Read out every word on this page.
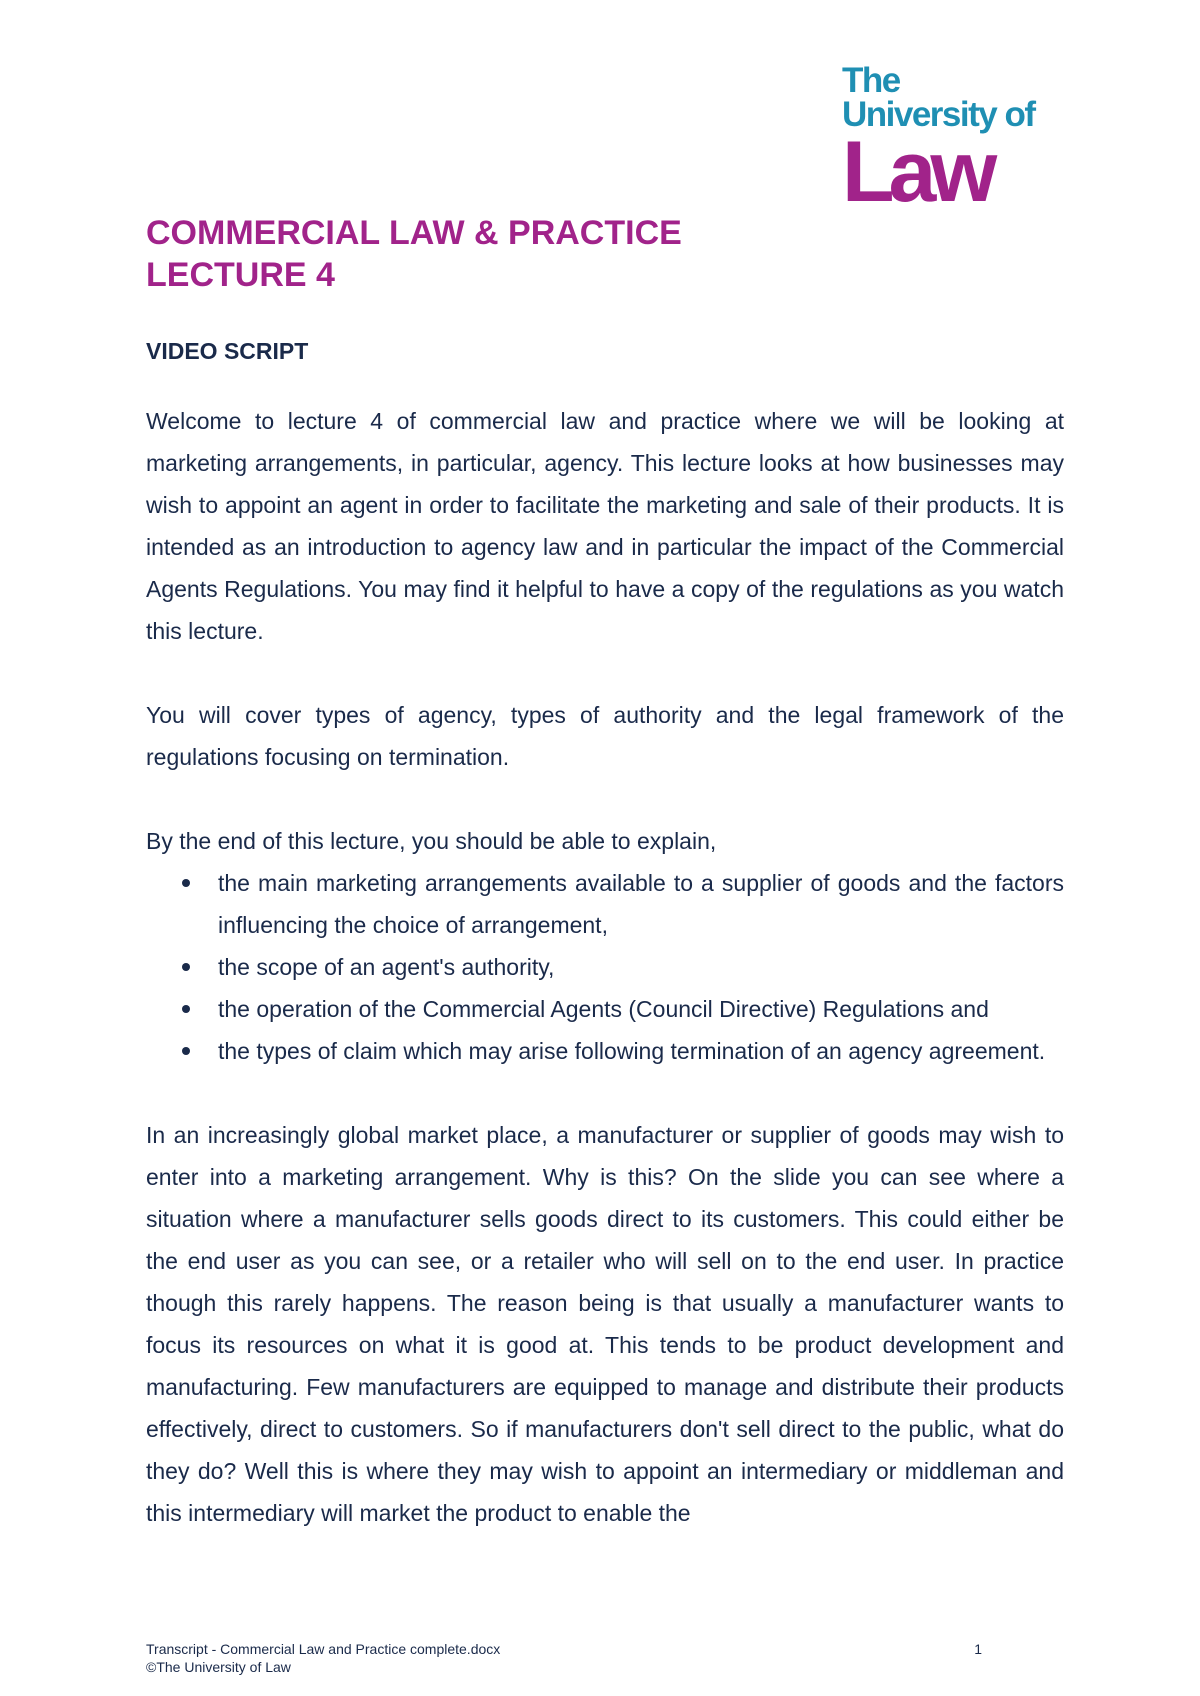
The
University of
Law
COMMERCIAL LAW & PRACTICE
LECTURE 4
VIDEO SCRIPT

Welcome to lecture 4 of commercial law and practice where we will be looking at marketing arrangements, in particular, agency. This lecture looks at how businesses may wish to appoint an agent in order to facilitate the marketing and sale of their products. It is intended as an introduction to agency law and in particular the impact of the Commercial Agents Regulations. You may find it helpful to have a copy of the regulations as you watch this lecture.

You will cover types of agency, types of authority and the legal framework of the regulations focusing on termination.

By the end of this lecture, you should be able to explain,

the main marketing arrangements available to a supplier of goods and the factors influencing the choice of arrangement,
the scope of an agent's authority,
the operation of the Commercial Agents (Council Directive) Regulations and
the types of claim which may arise following termination of an agency agreement.

In an increasingly global market place, a manufacturer or supplier of goods may wish to enter into a marketing arrangement. Why is this? On the slide you can see where a situation where a manufacturer sells goods direct to its customers. This could either be the end user as you can see, or a retailer who will sell on to the end user. In practice though this rarely happens. The reason being is that usually a manufacturer wants to focus its resources on what it is good at. This tends to be product development and manufacturing. Few manufacturers are equipped to manage and distribute their products effectively, direct to customers. So if manufacturers don't sell direct to the public, what do they do? Well this is where they may wish to appoint an intermediary or middleman and this intermediary will market the product to enable the

Transcript - Commercial Law and Practice complete.docx	1
©The University of Law
